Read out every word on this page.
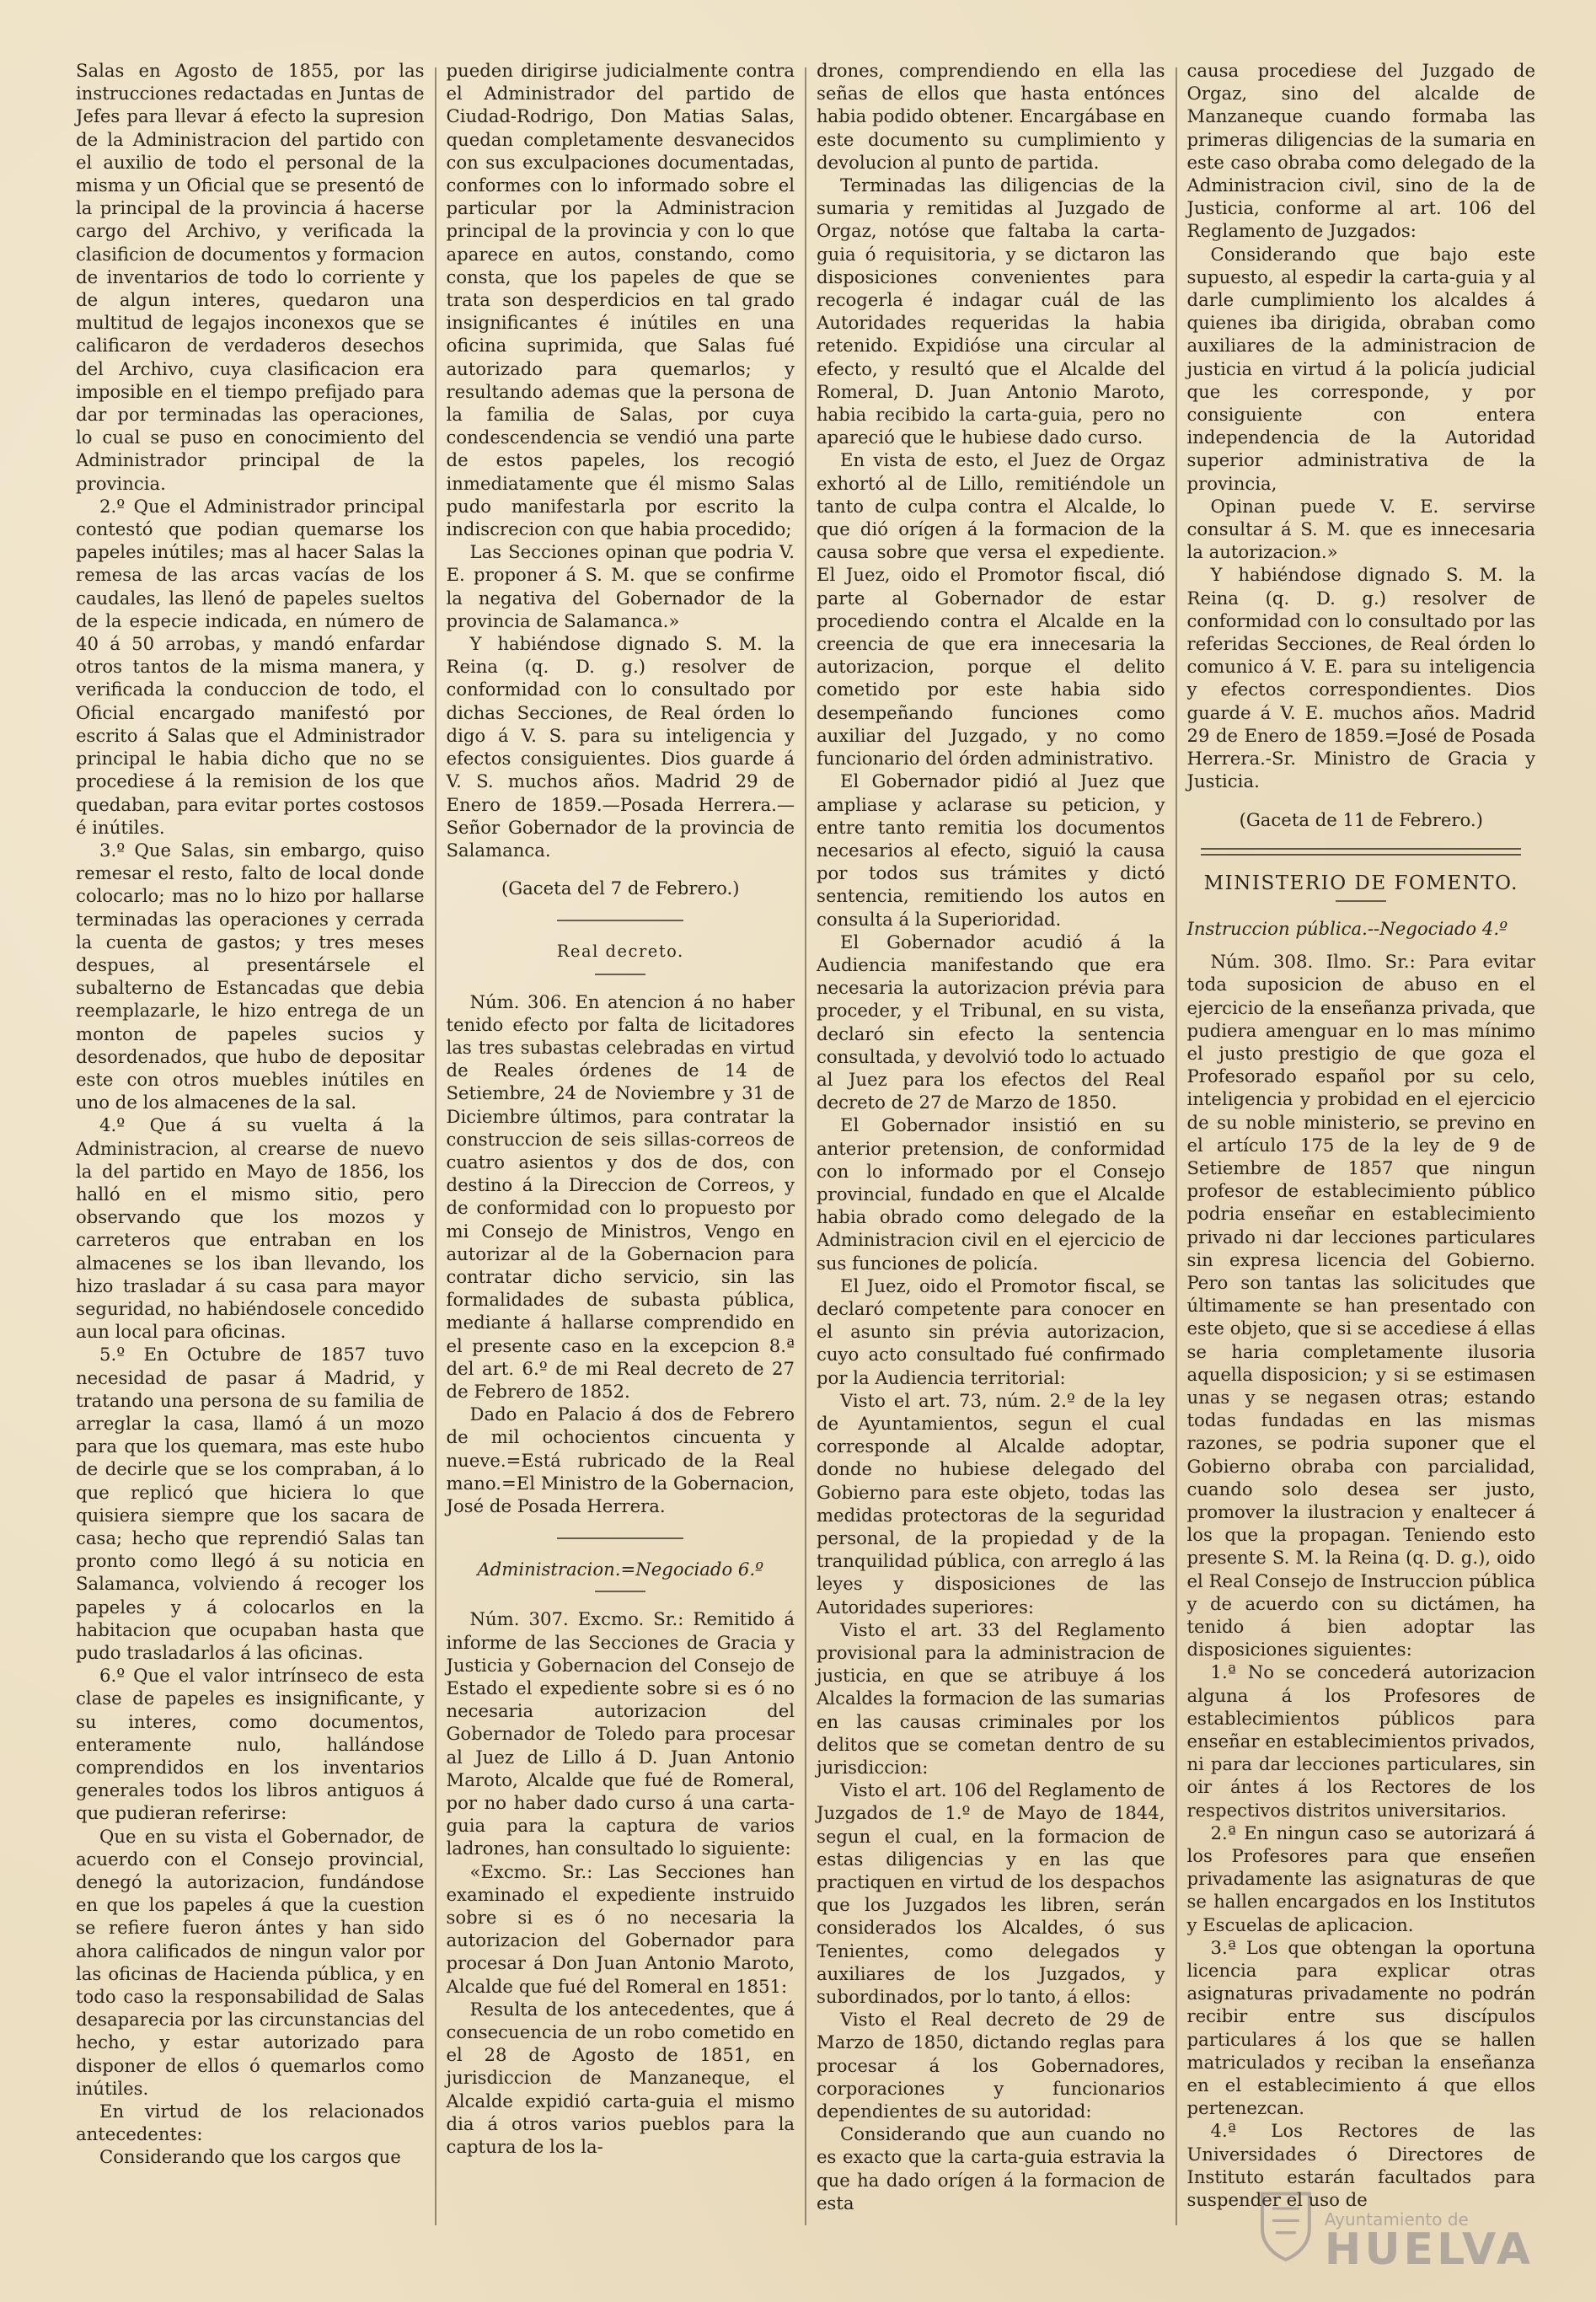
Salas en Agosto de 1855, por las instrucciones redactadas en Juntas de Jefes para llevar á efecto la supresion de la Administracion del partido con el auxilio de todo el personal de la misma y un Oficial que se presentó de la principal de la provincia á hacerse cargo del Archivo, y verificada la clasificion de documentos y formacion de inventarios de todo lo corriente y de algun interes, quedaron una multitud de legajos inconexos que se calificaron de verdaderos desechos del Archivo, cuya clasificacion era imposible en el tiempo prefijado para dar por terminadas las operaciones, lo cual se puso en conocimiento del Administrador principal de la provincia.

2.º Que el Administrador principal contestó que podian quemarse los papeles inútiles; mas al hacer Salas la remesa de las arcas vacías de los caudales, las llenó de papeles sueltos de la especie indicada, en número de 40 á 50 arrobas, y mandó enfardar otros tantos de la misma manera, y verificada la conduccion de todo, el Oficial encargado manifestó por escrito á Salas que el Administrador principal le habia dicho que no se procediese á la remision de los que quedaban, para evitar portes costosos é inútiles.

3.º Que Salas, sin embargo, quiso remesar el resto, falto de local donde colocarlo; mas no lo hizo por hallarse terminadas las operaciones y cerrada la cuenta de gastos; y tres meses despues, al presentársele el subalterno de Estancadas que debia reemplazarle, le hizo entrega de un monton de papeles sucios y desordenados, que hubo de depositar este con otros muebles inútiles en uno de los almacenes de la sal.

4.º Que á su vuelta á la Administracion, al crearse de nuevo la del partido en Mayo de 1856, los halló en el mismo sitio, pero observando que los mozos y carreteros que entraban en los almacenes se los iban llevando, los hizo trasladar á su casa para mayor seguridad, no habiéndosele concedido aun local para oficinas.

5.º En Octubre de 1857 tuvo necesidad de pasar á Madrid, y tratando una persona de su familia de arreglar la casa, llamó á un mozo para que los quemara, mas este hubo de decirle que se los compraban, á lo que replicó que hiciera lo que quisiera siempre que los sacara de casa; hecho que reprendió Salas tan pronto como llegó á su noticia en Salamanca, volviendo á recoger los papeles y á colocarlos en la habitacion que ocupaban hasta que pudo trasladarlos á las oficinas.

6.º Que el valor intrínseco de esta clase de papeles es insignificante, y su interes, como documentos, enteramente nulo, hallándose comprendidos en los inventarios generales todos los libros antiguos á que pudieran referirse:

Que en su vista el Gobernador, de acuerdo con el Consejo provincial, denegó la autorizacion, fundándose en que los papeles á que la cuestion se refiere fueron ántes y han sido ahora calificados de ningun valor por las oficinas de Hacienda pública, y en todo caso la responsabilidad de Salas desaparecia por las circunstancias del hecho, y estar autorizado para disponer de ellos ó quemarlos como inútiles.

En virtud de los relacionados antecedentes:

Considerando que los cargos que

pueden dirigirse judicialmente contra el Administrador del partido de Ciudad-Rodrigo, Don Matias Salas, quedan completamente desvanecidos con sus exculpaciones documentadas, conformes con lo informado sobre el particular por la Administracion principal de la provincia y con lo que aparece en autos, constando, como consta, que los papeles de que se trata son desperdicios en tal grado insignificantes é inútiles en una oficina suprimida, que Salas fué autorizado para quemarlos; y resultando ademas que la persona de la familia de Salas, por cuya condescendencia se vendió una parte de estos papeles, los recogió inmediatamente que él mismo Salas pudo manifestarla por escrito la indiscrecion con que habia procedido;

Las Secciones opinan que podria V. E. proponer á S. M. que se confirme la negativa del Gobernador de la provincia de Salamanca.»

Y habiéndose dignado S. M. la Reina (q. D. g.) resolver de conformidad con lo consultado por dichas Secciones, de Real órden lo digo á V. S. para su inteligencia y efectos consiguientes. Dios guarde á V. S. muchos años. Madrid 29 de Enero de 1859.—Posada Herrera.—Señor Gobernador de la provincia de Salamanca.

(Gaceta del 7 de Febrero.)

Real decreto.

Núm. 306. En atencion á no haber tenido efecto por falta de licitadores las tres subastas celebradas en virtud de Reales órdenes de 14 de Setiembre, 24 de Noviembre y 31 de Diciembre últimos, para contratar la construccion de seis sillas-correos de cuatro asientos y dos de dos, con destino á la Direccion de Correos, y de conformidad con lo propuesto por mi Consejo de Ministros, Vengo en autorizar al de la Gobernacion para contratar dicho servicio, sin las formalidades de subasta pública, mediante á hallarse comprendido en el presente caso en la excepcion 8.ª del art. 6.º de mi Real decreto de 27 de Febrero de 1852.

Dado en Palacio á dos de Febrero de mil ochocientos cincuenta y nueve.=Está rubricado de la Real mano.=El Ministro de la Gobernacion, José de Posada Herrera.

Administracion.=Negociado 6.º

Núm. 307. Excmo. Sr.: Remitido á informe de las Secciones de Gracia y Justicia y Gobernacion del Consejo de Estado el expediente sobre si es ó no necesaria autorizacion del Gobernador de Toledo para procesar al Juez de Lillo á D. Juan Antonio Maroto, Alcalde que fué de Romeral, por no haber dado curso á una carta-guia para la captura de varios ladrones, han consultado lo siguiente:

«Excmo. Sr.: Las Secciones han examinado el expediente instruido sobre si es ó no necesaria la autorizacion del Gobernador para procesar á Don Juan Antonio Maroto, Alcalde que fué del Romeral en 1851:

Resulta de los antecedentes, que á consecuencia de un robo cometido en el 28 de Agosto de 1851, en jurisdiccion de Manzaneque, el Alcalde expidió carta-guia el mismo dia á otros varios pueblos para la captura de los la-

drones, comprendiendo en ella las señas de ellos que hasta entónces habia podido obtener. Encargábase en este documento su cumplimiento y devolucion al punto de partida.

Terminadas las diligencias de la sumaria y remitidas al Juzgado de Orgaz, notóse que faltaba la carta-guia ó requisitoria, y se dictaron las disposiciones convenientes para recogerla é indagar cuál de las Autoridades requeridas la habia retenido. Expidióse una circular al efecto, y resultó que el Alcalde del Romeral, D. Juan Antonio Maroto, habia recibido la carta-guia, pero no apareció que le hubiese dado curso.

En vista de esto, el Juez de Orgaz exhortó al de Lillo, remitiéndole un tanto de culpa contra el Alcalde, lo que dió orígen á la formacion de la causa sobre que versa el expediente. El Juez, oido el Promotor fiscal, dió parte al Gobernador de estar procediendo contra el Alcalde en la creencia de que era innecesaria la autorizacion, porque el delito cometido por este habia sido desempeñando funciones como auxiliar del Juzgado, y no como funcionario del órden administrativo.

El Gobernador pidió al Juez que ampliase y aclarase su peticion, y entre tanto remitia los documentos necesarios al efecto, siguió la causa por todos sus trámites y dictó sentencia, remitiendo los autos en consulta á la Superioridad.

El Gobernador acudió á la Audiencia manifestando que era necesaria la autorizacion prévia para proceder, y el Tribunal, en su vista, declaró sin efecto la sentencia consultada, y devolvió todo lo actuado al Juez para los efectos del Real decreto de 27 de Marzo de 1850.

El Gobernador insistió en su anterior pretension, de conformidad con lo informado por el Consejo provincial, fundado en que el Alcalde habia obrado como delegado de la Administracion civil en el ejercicio de sus funciones de policía.

El Juez, oido el Promotor fiscal, se declaró competente para conocer en el asunto sin prévia autorizacion, cuyo acto consultado fué confirmado por la Audiencia territorial:

Visto el art. 73, núm. 2.º de la ley de Ayuntamientos, segun el cual corresponde al Alcalde adoptar, donde no hubiese delegado del Gobierno para este objeto, todas las medidas protectoras de la seguridad personal, de la propiedad y de la tranquilidad pública, con arreglo á las leyes y disposiciones de las Autoridades superiores:

Visto el art. 33 del Reglamento provisional para la administracion de justicia, en que se atribuye á los Alcaldes la formacion de las sumarias en las causas criminales por los delitos que se cometan dentro de su jurisdiccion:

Visto el art. 106 del Reglamento de Juzgados de 1.º de Mayo de 1844, segun el cual, en la formacion de estas diligencias y en las que practiquen en virtud de los despachos que los Juzgados les libren, serán considerados los Alcaldes, ó sus Tenientes, como delegados y auxiliares de los Juzgados, y subordinados, por lo tanto, á ellos:

Visto el Real decreto de 29 de Marzo de 1850, dictando reglas para procesar á los Gobernadores, corporaciones y funcionarios dependientes de su autoridad:

Considerando que aun cuando no es exacto que la carta-guia estravia la que ha dado orígen á la formacion de esta

causa procediese del Juzgado de Orgaz, sino del alcalde de Manzaneque cuando formaba las primeras diligencias de la sumaria en este caso obraba como delegado de la Administracion civil, sino de la de Justicia, conforme al art. 106 del Reglamento de Juzgados:

Considerando que bajo este supuesto, al espedir la carta-guia y al darle cumplimiento los alcaldes á quienes iba dirigida, obraban como auxiliares de la administracion de justicia en virtud á la policía judicial que les corresponde, y por consiguiente con entera independencia de la Autoridad superior administrativa de la provincia,

Opinan puede V. E. servirse consultar á S. M. que es innecesaria la autorizacion.»

Y habiéndose dignado S. M. la Reina (q. D. g.) resolver de conformidad con lo consultado por las referidas Secciones, de Real órden lo comunico á V. E. para su inteligencia y efectos correspondientes. Dios guarde á V. E. muchos años. Madrid 29 de Enero de 1859.=José de Posada Herrera.-Sr. Ministro de Gracia y Justicia.

(Gaceta de 11 de Febrero.)

MINISTERIO DE FOMENTO.

Instruccion pública.--Negociado 4.º

Núm. 308. Ilmo. Sr.: Para evitar toda suposicion de abuso en el ejercicio de la enseñanza privada, que pudiera amenguar en lo mas mínimo el justo prestigio de que goza el Profesorado español por su celo, inteligencia y probidad en el ejercicio de su noble ministerio, se previno en el artículo 175 de la ley de 9 de Setiembre de 1857 que ningun profesor de establecimiento público podria enseñar en establecimiento privado ni dar lecciones particulares sin expresa licencia del Gobierno. Pero son tantas las solicitudes que últimamente se han presentado con este objeto, que si se accediese á ellas se haria completamente ilusoria aquella disposicion; y si se estimasen unas y se negasen otras; estando todas fundadas en las mismas razones, se podria suponer que el Gobierno obraba con parcialidad, cuando solo desea ser justo, promover la ilustracion y enaltecer á los que la propagan. Teniendo esto presente S. M. la Reina (q. D. g.), oido el Real Consejo de Instruccion pública y de acuerdo con su dictámen, ha tenido á bien adoptar las disposiciones siguientes:

1.ª No se concederá autorizacion alguna á los Profesores de establecimientos públicos para enseñar en establecimientos privados, ni para dar lecciones particulares, sin oir ántes á los Rectores de los respectivos distritos universitarios.

2.ª En ningun caso se autorizará á los Profesores para que enseñen privadamente las asignaturas de que se hallen encargados en los Institutos y Escuelas de aplicacion.

3.ª Los que obtengan la oportuna licencia para explicar otras asignaturas privadamente no podrán recibir entre sus discípulos particulares á los que se hallen matriculados y reciban la enseñanza en el establecimiento á que ellos pertenezcan.

4.ª Los Rectores de las Universidades ó Directores de Instituto estarán facultados para suspender el uso de

Ayuntamiento de
HUELVA
